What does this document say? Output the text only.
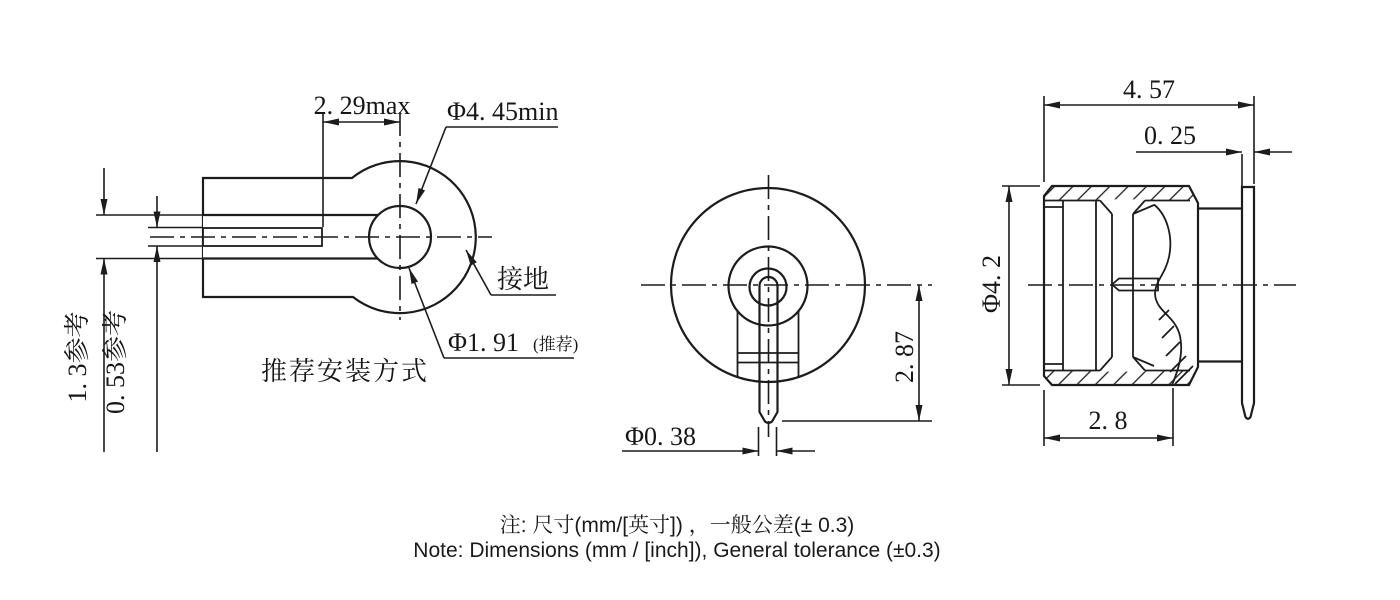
2. 29max
1. 3参考 0. 53参考
Φ4. 45min
接地
Φ1. 91 (推荐)
推荐安装方式	2. 87
Φ0. 38
4. 57
0. 25
Φ4. 2
2. 8
注: 尺寸(mm/[英寸]) ，一般公差(± 0.3)
Note: Dimensions (mm / [inch]), General tolerance (±0.3)
